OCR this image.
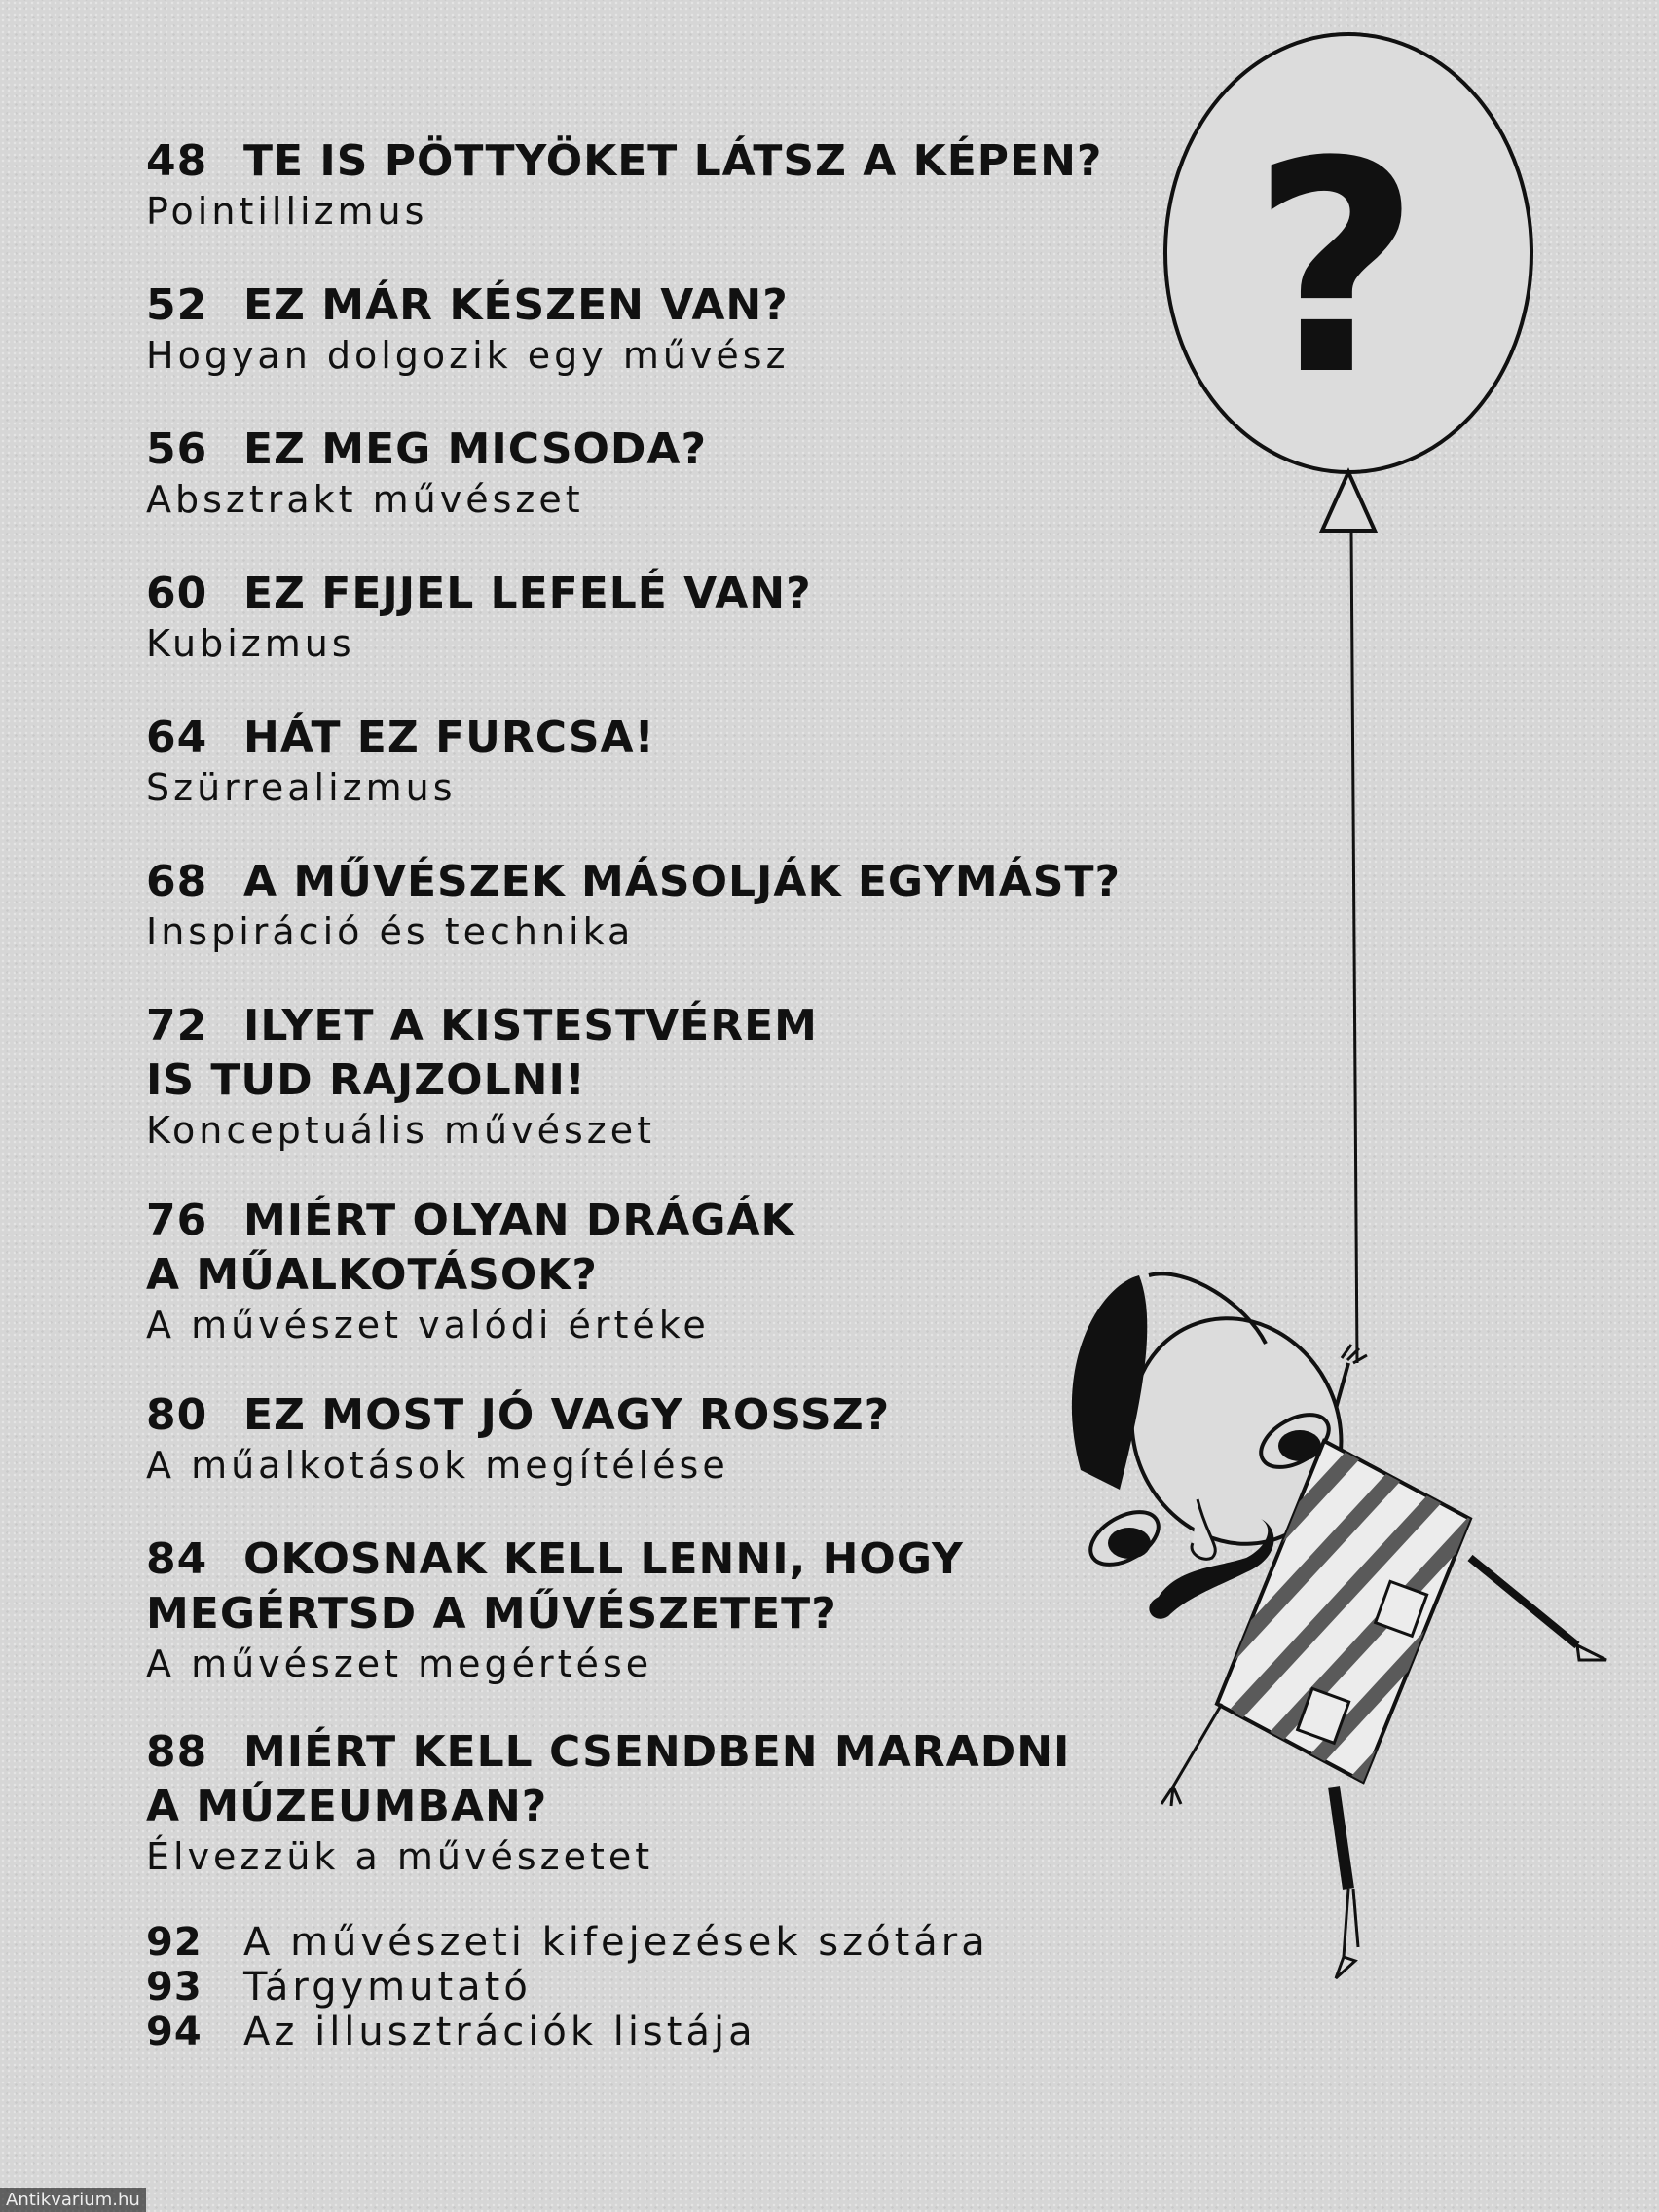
48 TE IS PÖTTYÖKET LÁTSZ A KÉPEN?
Pointillizmus
52 EZ MÁR KÉSZEN VAN?
Hogyan dolgozik egy művész
56 EZ MEG MICSODA?
Absztrakt művészet
60 EZ FEJJEL LEFELÉ VAN?
Kubizmus
64 HÁT EZ FURCSA!
Szürrealizmus
68 A MŰVÉSZEK MÁSOLJÁK EGYMÁST?
Inspiráció és technika
72 ILYET A KISTESTVÉREM
IS TUD RAJZOLNI!
Konceptuális művészet
76 MIÉRT OLYAN DRÁGÁK
A MŰALKOTÁSOK?
A művészet valódi értéke
80 EZ MOST JÓ VAGY ROSSZ?
A műalkotások megítélése
84 OKOSNAK KELL LENNI, HOGY
MEGÉRTSD A MŰVÉSZETET?
A művészet megértése
88 MIÉRT KELL CSENDBEN MARADNI
A MÚZEUMBAN?
Élvezzük a művészetet
92 A művészeti kifejezések szótára
93 Tárgymutató
94 Az illusztrációk listája
?
Antikvarium.hu
